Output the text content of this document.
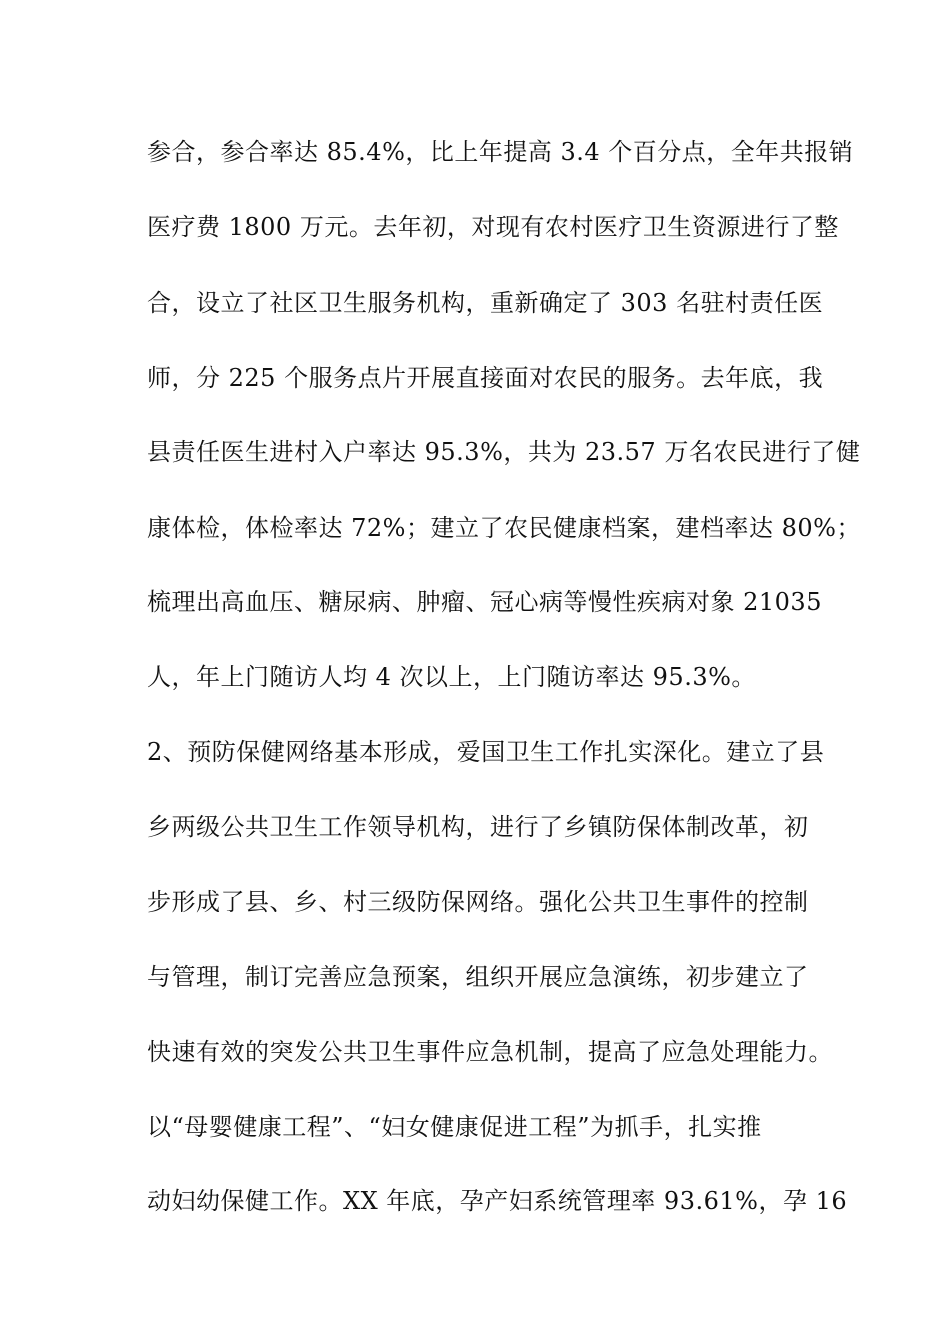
参合，参合率达 85.4%，比上年提高 3.4 个百分点，全年共报销
医疗费 1800 万元。去年初，对现有农村医疗卫生资源进行了整
合，设立了社区卫生服务机构，重新确定了 303 名驻村责任医
师，分 225 个服务点片开展直接面对农民的服务。去年底，我
县责任医生进村入户率达 95.3%，共为 23.57 万名农民进行了健
康体检，体检率达 72%；建立了农民健康档案，建档率达 80%；
梳理出高血压、糖尿病、肿瘤、冠心病等慢性疾病对象 21035
人，年上门随访人均 4 次以上，上门随访率达 95.3%。
2、预防保健网络基本形成，爱国卫生工作扎实深化。建立了县
乡两级公共卫生工作领导机构，进行了乡镇防保体制改革，初
步形成了县、乡、村三级防保网络。强化公共卫生事件的控制
与管理，制订完善应急预案，组织开展应急演练，初步建立了
快速有效的突发公共卫生事件应急机制，提高了应急处理能力。
以“母婴健康工程”、“妇女健康促进工程”为抓手，扎实推
动妇幼保健工作。XX 年底，孕产妇系统管理率 93.61%，孕 16
